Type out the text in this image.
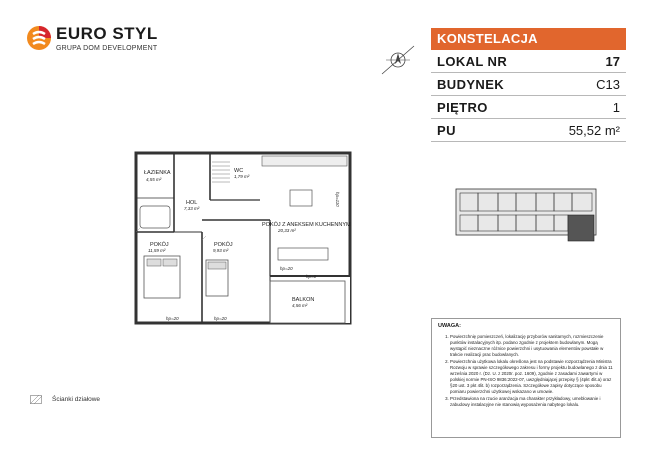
EURO STYL
GRUPA DOM DEVELOPMENT
KONSTELACJA
LOKAL NR	17
BUDYNEK	C13
PIĘTRO	1
PU	55,52 m²
ŁAZIENKA
4,55 m²
WC
1,79 m²
HOL
7,33 m²
POKÓJ Z ANEKSEM KUCHENNYM
20,33 m²
POKÓJ
11,59 m²
POKÓJ
9,93 m²
BALKON
4,56 m²
hp=20	hp=20
hp=20
hp=0
hp=110
UWAGA:
1. Powierzchnię pomieszczeń, lokalizację przyborów sanitarnych, rozmieszczenie punktów instalacyjnych itp. podano zgodnie z projektem budowlanym. Mogą wystąpić nieznaczne różnice powierzchni i usytuowania elementów powstałe w trakcie realizacji prac budowlanych.
2. Powierzchnia użytkowa lokalu określona jest na podstawie rozporządzenia Ministra Rozwoju w sprawie szczegółowego zakresu i formy projektu budowlanego z dnia 11 września 2020 r. (Dz. U. z 2020r. poz. 1609), zgodnie z zasadami zawartymi w polskiej normie PN-ISO 9836:2022-07, uwzględniającej przepisy § (4pkt 4lit.a) oraz §20 ust. 3 pkt 4lit. b) rozporządzenia. Szczegółowe zapisy dotyczące sposobu pomiaru powierzchni użytkowej wskazano w umowie.
3. Przedstawiona na rzucie aranżacja ma charakter przykładowy, umeblowanie i zabudowy instalacyjne nie stanowią wyposażenia nabytego lokalu.
Ścianki działowe
